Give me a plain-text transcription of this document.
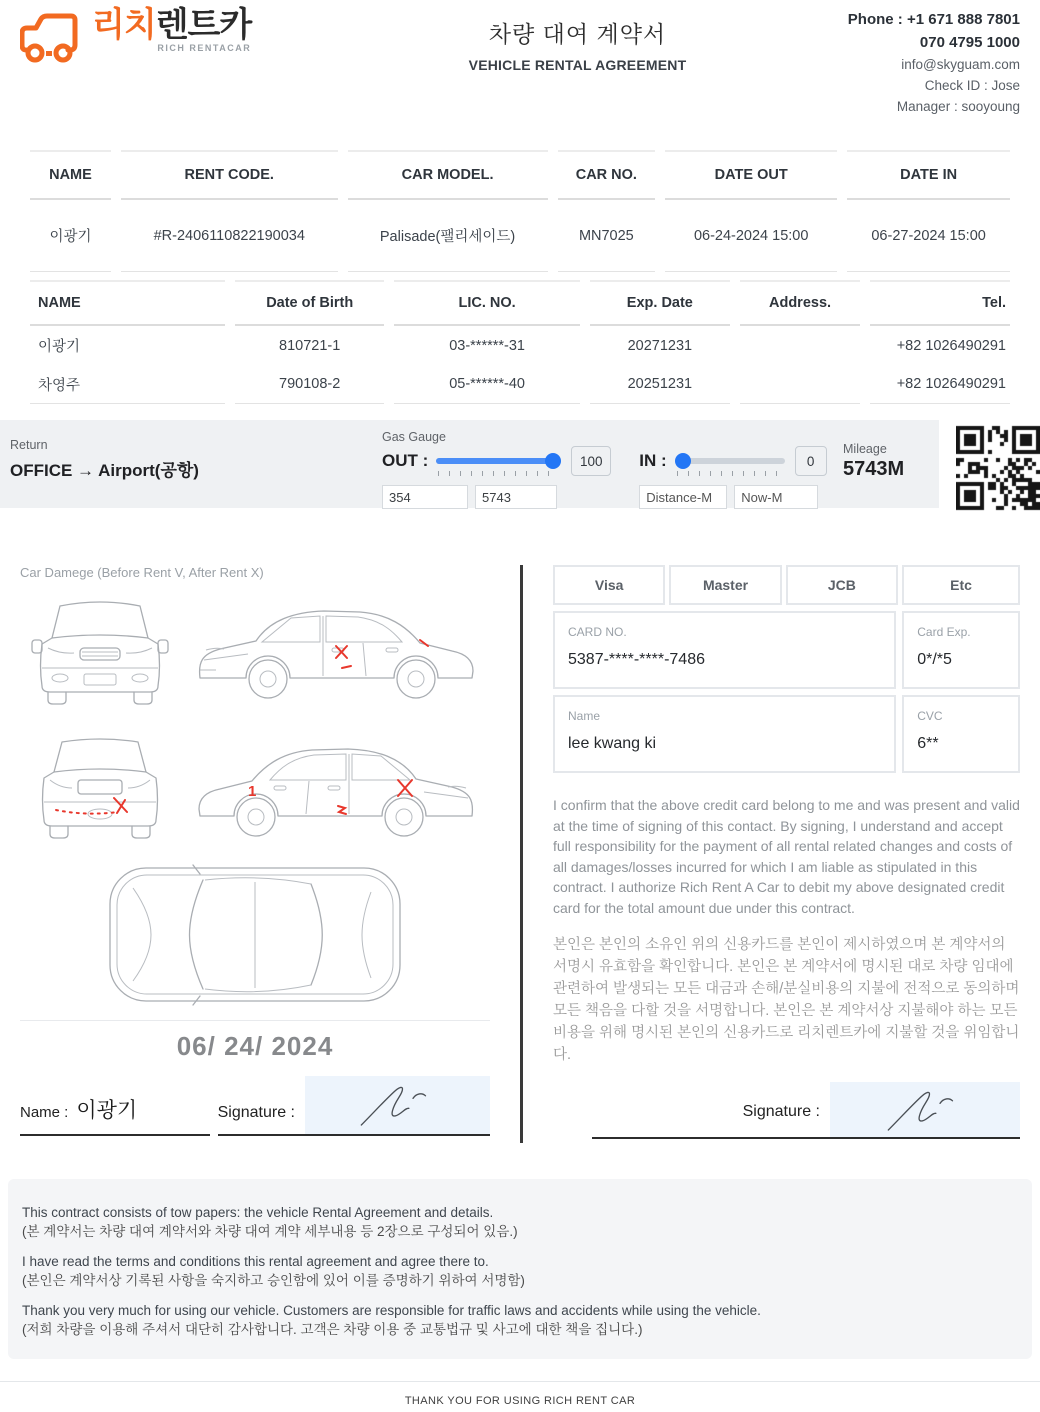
리치렌트카
RICH RENTACAR
차량 대여 계약서
VEHICLE RENTAL AGREEMENT
Phone : +1 671 888 7801
070 4795 1000
info@skyguam.com
Check ID : Jose
Manager : sooyoung
NAME	RENT CODE.	CAR MODEL.	CAR NO.	DATE OUT	DATE IN
이광기	#R-2406110822190034	Palisade(팰리세이드)	MN7025	06-24-2024 15:00	06-27-2024 15:00
NAME	Date of Birth	LIC. NO.	Exp. Date	Address.	Tel.
이광기	810721-1	03-******-31	20271231		+82 1026490291
차영주	790108-2	05-******-40	20251231		+82 1026490291
Return
OFFICE → Airport(공항)
Gas Gauge
OUT :	100
354
5743	IN :	0
Distance-M
Now-M
Mileage
5743M
Car Damege (Before Rent V, After Rent X)
1
06/ 24/ 2024
Name : 이광기	Signature :
Visa	Master	JCB	Etc
CARD NO.
5387-****-****-7486
Card Exp.
0*/*5
Name
lee kwang ki
CVC
6**

I confirm that the above credit card belong to me and was present and valid at the time of signing of this contact. By signing, I understand and accept full responsibility for the payment of all rental related changes and costs of all damages/losses incurred for which I am liable as stipulated in this contract. I authorize Rich Rent A Car to debit my above designated credit card for the total amount due under this contract.

본인은 본인의 소유인 위의 신용카드를 본인이 제시하였으며 본 계약서의 서명시 유효함을 확인합니다. 본인은 본 계약서에 명시된 대로 차량 임대에 관련하여 발생되는 모든 대금과 손해/분실비용의 지불에 전적으로 동의하며 모든 책음을 다할 것을 서명합니다. 본인은 본 계약서상 지불해야 하는 모든 비용을 위해 명시된 본인의 신용카드로 리치렌트카에 지불할 것을 위임합니다.

Signature :
This contract consists of tow papers: the vehicle Rental Agreement and details.
(본 계약서는 차량 대여 계약서와 차량 대여 계약 세부내용 등 2장으로 구성되어 있음.)
I have read the terms and conditions this rental agreement and agree there to.
(본인은 계약서상 기록된 사항을 숙지하고 승인함에 있어 이를 증명하기 위하여 서명함)
Thank you very much for using our vehicle. Customers are responsible for traffic laws and accidents while using the vehicle.
(저희 차량을 이용해 주셔서 대단히 감사합니다. 고객은 차량 이용 중 교통법규 및 사고에 대한 책을 집니다.)
THANK YOU FOR USING RICH RENT CAR
